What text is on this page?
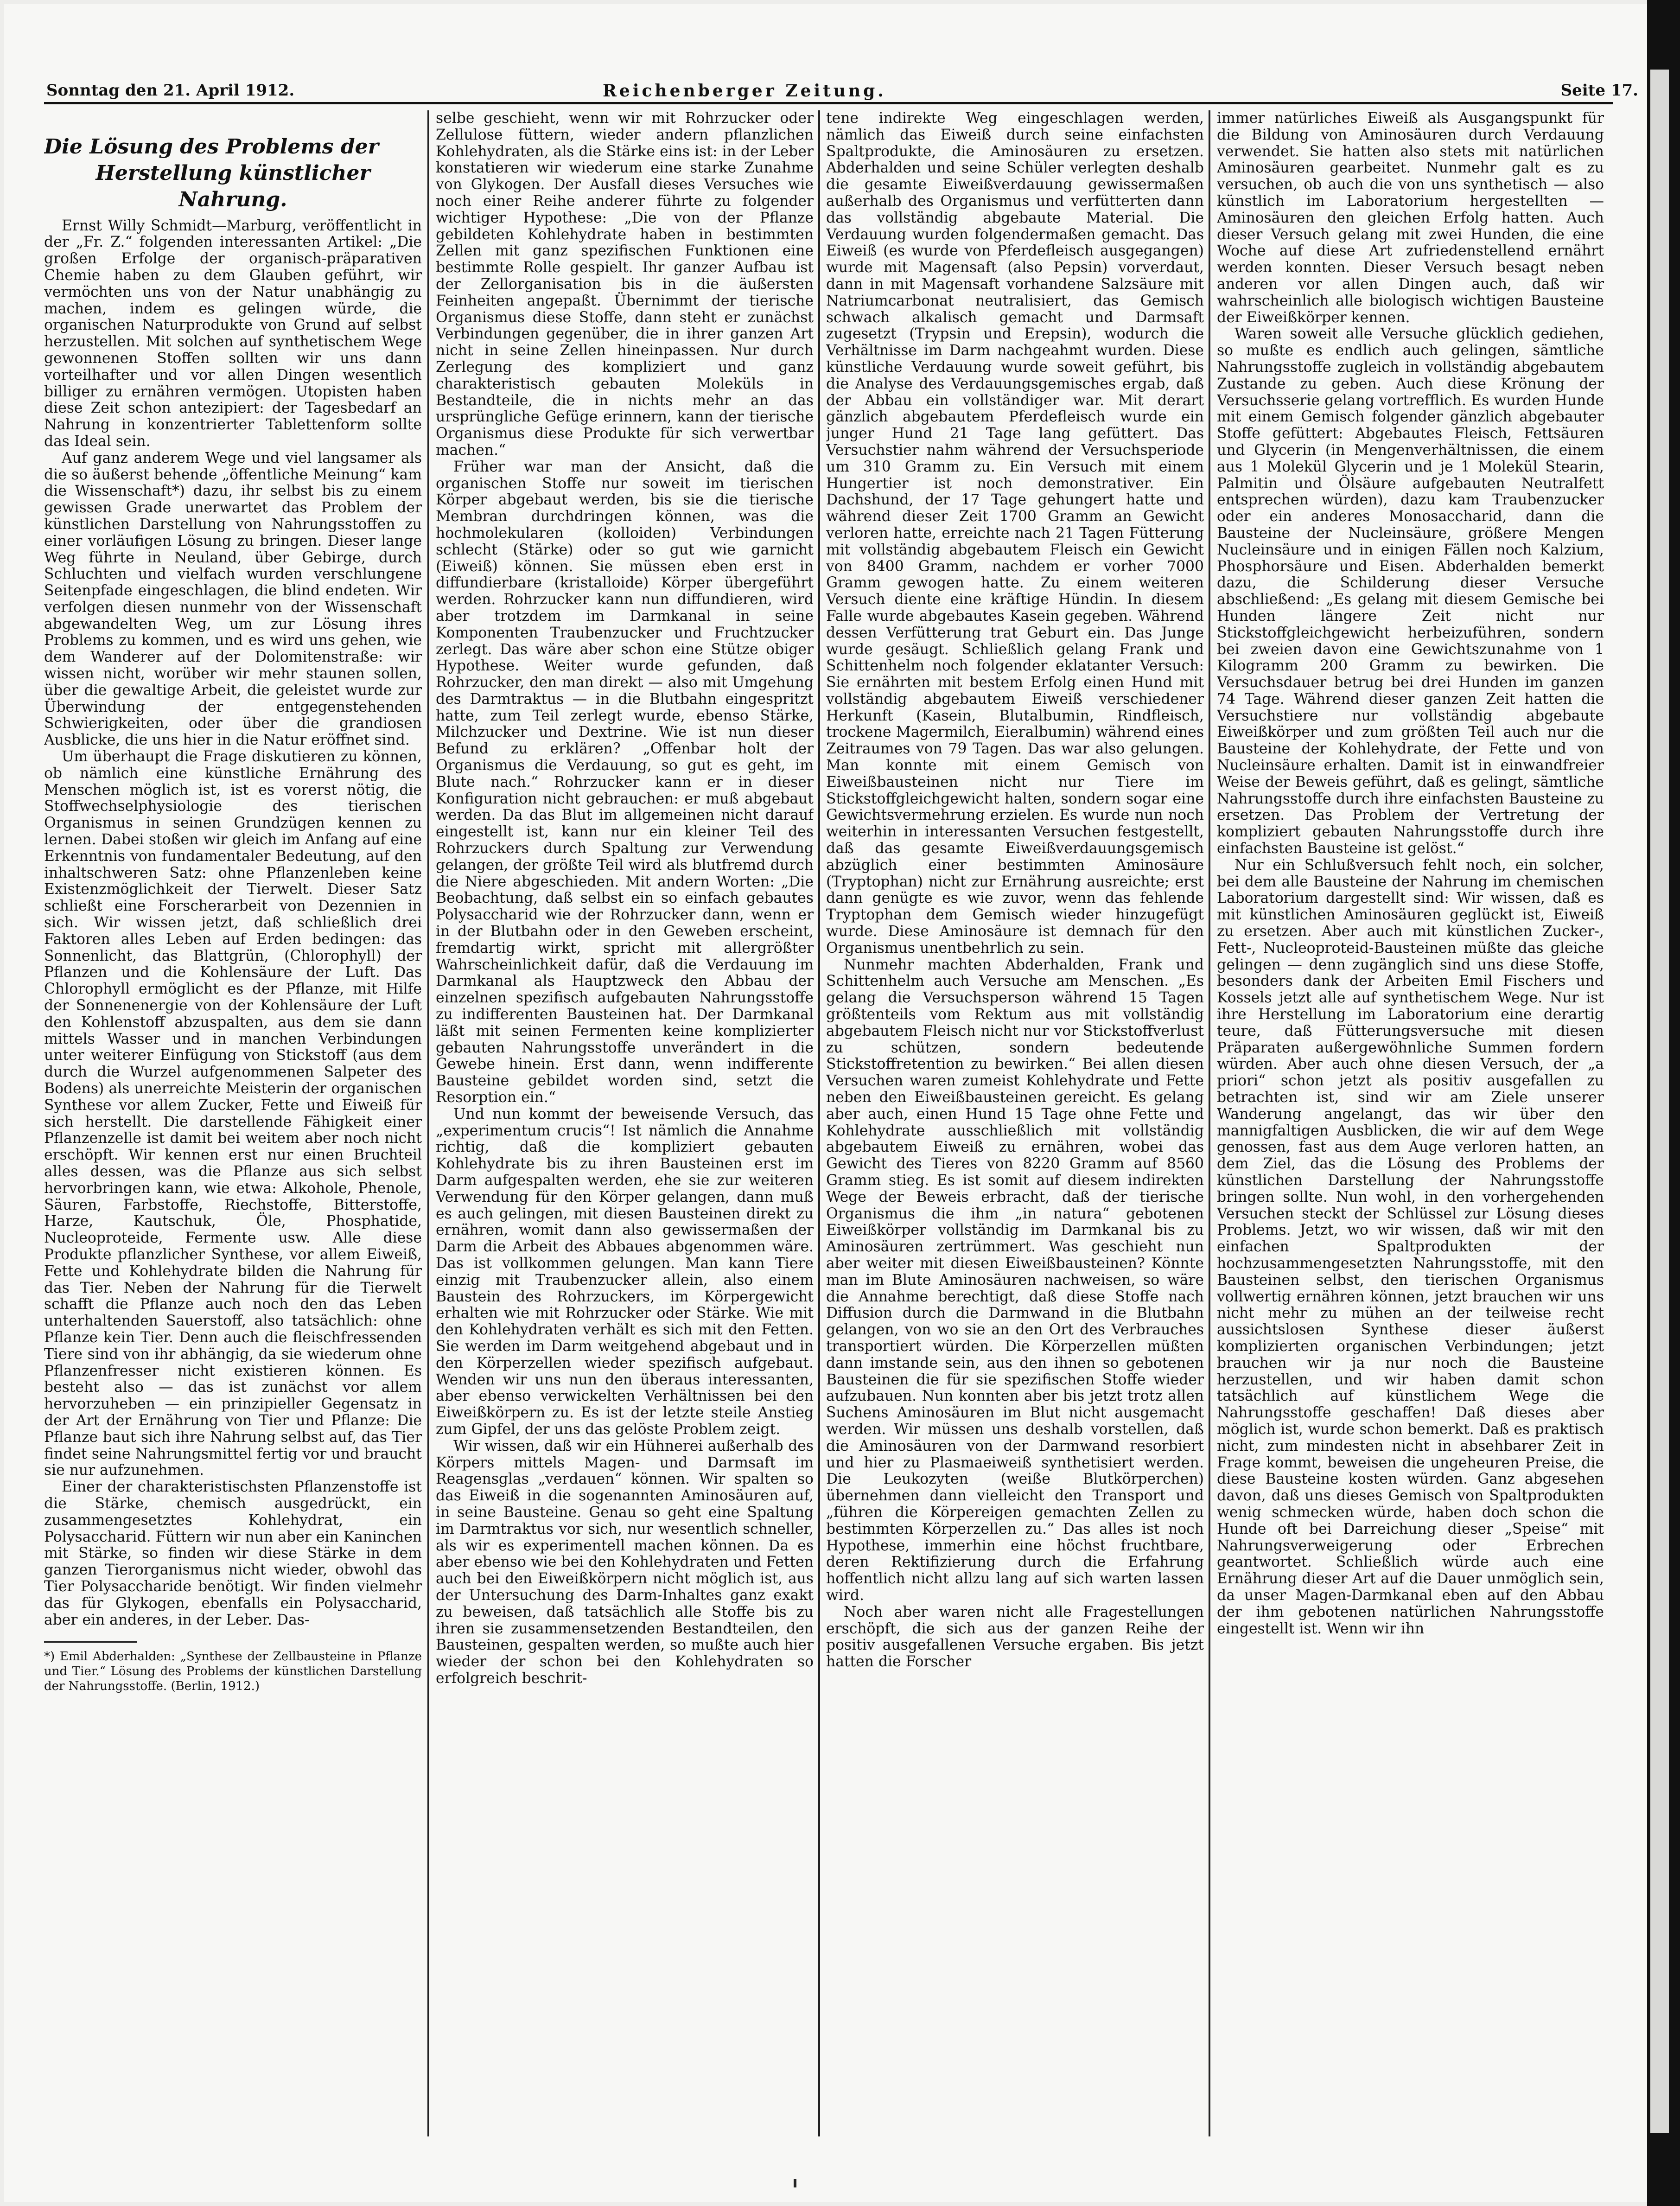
Sonntag den 21. April 1912.	Reichenberger Zeitung.	Seite 17.
Die Lösung des Problems der
Herstellung künstlicher Nahrung.

Ernst Willy Schmidt—Marburg, veröffentlicht in der „Fr. Z.“ folgenden interessanten Artikel: „Die großen Erfolge der organisch-präparativen Chemie haben zu dem Glauben geführt, wir vermöchten uns von der Natur unabhängig zu machen, indem es gelingen würde, die organischen Naturprodukte von Grund auf selbst herzustellen. Mit solchen auf synthetischem Wege gewonnenen Stoffen sollten wir uns dann vorteilhafter und vor allen Dingen wesentlich billiger zu ernähren vermögen. Utopisten haben diese Zeit schon antezipiert: der Tagesbedarf an Nahrung in konzentrierter Tablettenform sollte das Ideal sein.

Auf ganz anderem Wege und viel langsamer als die so äußerst behende „öffentliche Meinung“ kam die Wissenschaft*) dazu, ihr selbst bis zu einem gewissen Grade unerwartet das Problem der künstlichen Darstellung von Nahrungsstoffen zu einer vorläufigen Lösung zu bringen. Dieser lange Weg führte in Neuland, über Gebirge, durch Schluchten und vielfach wurden verschlungene Seitenpfade eingeschlagen, die blind endeten. Wir verfolgen diesen nunmehr von der Wissenschaft abgewandelten Weg, um zur Lösung ihres Problems zu kommen, und es wird uns gehen, wie dem Wanderer auf der Dolomitenstraße: wir wissen nicht, worüber wir mehr staunen sollen, über die gewaltige Arbeit, die geleistet wurde zur Überwindung der entgegenstehenden Schwierigkeiten, oder über die grandiosen Ausblicke, die uns hier in die Natur eröffnet sind.

Um überhaupt die Frage diskutieren zu können, ob nämlich eine künstliche Ernährung des Menschen möglich ist, ist es vorerst nötig, die Stoffwechselphysiologie des tierischen Organismus in seinen Grundzügen kennen zu lernen. Dabei stoßen wir gleich im Anfang auf eine Erkenntnis von fundamentaler Bedeutung, auf den inhaltschweren Satz: ohne Pflanzenleben keine Existenzmöglichkeit der Tierwelt. Dieser Satz schließt eine Forscherarbeit von Dezennien in sich. Wir wissen jetzt, daß schließlich drei Faktoren alles Leben auf Erden bedingen: das Sonnenlicht, das Blattgrün, (Chlorophyll) der Pflanzen und die Kohlensäure der Luft. Das Chlorophyll ermöglicht es der Pflanze, mit Hilfe der Sonnenenergie von der Kohlensäure der Luft den Kohlenstoff abzuspalten, aus dem sie dann mittels Wasser und in manchen Verbindungen unter weiterer Einfügung von Stickstoff (aus dem durch die Wurzel aufgenommenen Salpeter des Bodens) als unerreichte Meisterin der organischen Synthese vor allem Zucker, Fette und Eiweiß für sich herstellt. Die darstellende Fähigkeit einer Pflanzenzelle ist damit bei weitem aber noch nicht erschöpft. Wir kennen erst nur einen Bruchteil alles dessen, was die Pflanze aus sich selbst hervorbringen kann, wie etwa: Alkohole, Phenole, Säuren, Farbstoffe, Riechstoffe, Bitterstoffe, Harze, Kautschuk, Öle, Phosphatide, Nucleoproteide, Fermente usw. Alle diese Produkte pflanzlicher Synthese, vor allem Eiweiß, Fette und Kohlehydrate bilden die Nahrung für das Tier. Neben der Nahrung für die Tierwelt schafft die Pflanze auch noch den das Leben unterhaltenden Sauerstoff, also tatsächlich: ohne Pflanze kein Tier. Denn auch die fleischfressenden Tiere sind von ihr abhängig, da sie wiederum ohne Pflanzenfresser nicht existieren können. Es besteht also — das ist zunächst vor allem hervorzuheben — ein prinzipieller Gegensatz in der Art der Ernährung von Tier und Pflanze: Die Pflanze baut sich ihre Nahrung selbst auf, das Tier findet seine Nahrungsmittel fertig vor und braucht sie nur aufzunehmen.

Einer der charakteristischsten Pflanzenstoffe ist die Stärke, chemisch ausgedrückt, ein zusammengesetztes Kohlehydrat, ein Polysaccharid. Füttern wir nun aber ein Kaninchen mit Stärke, so finden wir diese Stärke in dem ganzen Tierorganismus nicht wieder, obwohl das Tier Polysaccharide benötigt. Wir finden vielmehr das für Glykogen, ebenfalls ein Polysaccharid, aber ein anderes, in der Leber. Das-

*) Emil Abderhalden: „Synthese der Zellbausteine in Pflanze und Tier.“ Lösung des Problems der künstlichen Darstellung der Nahrungsstoffe. (Berlin, 1912.)

selbe geschieht, wenn wir mit Rohrzucker oder Zellulose füttern, wieder andern pflanzlichen Kohlehydraten, als die Stärke eins ist: in der Leber konstatieren wir wiederum eine starke Zunahme von Glykogen. Der Ausfall dieses Versuches wie noch einer Reihe anderer führte zu folgender wichtiger Hypothese: „Die von der Pflanze gebildeten Kohlehydrate haben in bestimmten Zellen mit ganz spezifischen Funktionen eine bestimmte Rolle gespielt. Ihr ganzer Aufbau ist der Zellorganisation bis in die äußersten Feinheiten angepaßt. Übernimmt der tierische Organismus diese Stoffe, dann steht er zunächst Verbindungen gegenüber, die in ihrer ganzen Art nicht in seine Zellen hineinpassen. Nur durch Zerlegung des kompliziert und ganz charakteristisch gebauten Moleküls in Bestandteile, die in nichts mehr an das ursprüngliche Gefüge erinnern, kann der tierische Organismus diese Produkte für sich verwertbar machen.“

Früher war man der Ansicht, daß die organischen Stoffe nur soweit im tierischen Körper abgebaut werden, bis sie die tierische Membran durchdringen können, was die hochmolekularen (kolloiden) Verbindungen schlecht (Stärke) oder so gut wie garnicht (Eiweiß) können. Sie müssen eben erst in diffundierbare (kristalloide) Körper übergeführt werden. Rohrzucker kann nun diffundieren, wird aber trotzdem im Darmkanal in seine Komponenten Traubenzucker und Fruchtzucker zerlegt. Das wäre aber schon eine Stütze obiger Hypothese. Weiter wurde gefunden, daß Rohrzucker, den man direkt — also mit Umgehung des Darmtraktus — in die Blutbahn eingespritzt hatte, zum Teil zerlegt wurde, ebenso Stärke, Milchzucker und Dextrine. Wie ist nun dieser Befund zu erklären? „Offenbar holt der Organismus die Verdauung, so gut es geht, im Blute nach.“ Rohrzucker kann er in dieser Konfiguration nicht gebrauchen: er muß abgebaut werden. Da das Blut im allgemeinen nicht darauf eingestellt ist, kann nur ein kleiner Teil des Rohrzuckers durch Spaltung zur Verwendung gelangen, der größte Teil wird als blutfremd durch die Niere abgeschieden. Mit andern Worten: „Die Beobachtung, daß selbst ein so einfach gebautes Polysaccharid wie der Rohrzucker dann, wenn er in der Blutbahn oder in den Geweben erscheint, fremdartig wirkt, spricht mit allergrößter Wahrscheinlichkeit dafür, daß die Verdauung im Darmkanal als Hauptzweck den Abbau der einzelnen spezifisch aufgebauten Nahrungsstoffe zu indifferenten Bausteinen hat. Der Darmkanal läßt mit seinen Fermenten keine komplizierter gebauten Nahrungsstoffe unverändert in die Gewebe hinein. Erst dann, wenn indifferente Bausteine gebildet worden sind, setzt die Resorption ein.“

Und nun kommt der beweisende Versuch, das „experimentum crucis“! Ist nämlich die Annahme richtig, daß die kompliziert gebauten Kohlehydrate bis zu ihren Bausteinen erst im Darm aufgespalten werden, ehe sie zur weiteren Verwendung für den Körper gelangen, dann muß es auch gelingen, mit diesen Bausteinen direkt zu ernähren, womit dann also gewissermaßen der Darm die Arbeit des Abbaues abgenommen wäre. Das ist vollkommen gelungen. Man kann Tiere einzig mit Traubenzucker allein, also einem Baustein des Rohrzuckers, im Körpergewicht erhalten wie mit Rohrzucker oder Stärke. Wie mit den Kohlehydraten verhält es sich mit den Fetten. Sie werden im Darm weitgehend abgebaut und in den Körperzellen wieder spezifisch aufgebaut. Wenden wir uns nun den überaus interessanten, aber ebenso verwickelten Verhältnissen bei den Eiweißkörpern zu. Es ist der letzte steile Anstieg zum Gipfel, der uns das gelöste Problem zeigt.

Wir wissen, daß wir ein Hühnerei außerhalb des Körpers mittels Magen- und Darmsaft im Reagensglas „verdauen“ können. Wir spalten so das Eiweiß in die sogenannten Aminosäuren auf, in seine Bausteine. Genau so geht eine Spaltung im Darmtraktus vor sich, nur wesentlich schneller, als wir es experimentell machen können. Da es aber ebenso wie bei den Kohlehydraten und Fetten auch bei den Eiweißkörpern nicht möglich ist, aus der Untersuchung des Darm-Inhaltes ganz exakt zu beweisen, daß tatsächlich alle Stoffe bis zu ihren sie zusammensetzenden Bestandteilen, den Bausteinen, gespalten werden, so mußte auch hier wieder der schon bei den Kohlehydraten so erfolgreich beschrit-

tene indirekte Weg eingeschlagen werden, nämlich das Eiweiß durch seine einfachsten Spaltprodukte, die Aminosäuren zu ersetzen. Abderhalden und seine Schüler verlegten deshalb die gesamte Eiweißverdauung gewissermaßen außerhalb des Organismus und verfütterten dann das vollständig abgebaute Material. Die Verdauung wurden folgendermaßen gemacht. Das Eiweiß (es wurde von Pferdefleisch ausgegangen) wurde mit Magensaft (also Pepsin) vorverdaut, dann in mit Magensaft vorhandene Salzsäure mit Natriumcarbonat neutralisiert, das Gemisch schwach alkalisch gemacht und Darmsaft zugesetzt (Trypsin und Erepsin), wodurch die Verhältnisse im Darm nachgeahmt wurden. Diese künstliche Verdauung wurde soweit geführt, bis die Analyse des Verdauungsgemisches ergab, daß der Abbau ein vollständiger war. Mit derart gänzlich abgebautem Pferdefleisch wurde ein junger Hund 21 Tage lang gefüttert. Das Versuchstier nahm während der Versuchsperiode um 310 Gramm zu. Ein Versuch mit einem Hungertier ist noch demonstrativer. Ein Dachshund, der 17 Tage gehungert hatte und während dieser Zeit 1700 Gramm an Gewicht verloren hatte, erreichte nach 21 Tagen Fütterung mit vollständig abgebautem Fleisch ein Gewicht von 8400 Gramm, nachdem er vorher 7000 Gramm gewogen hatte. Zu einem weiteren Versuch diente eine kräftige Hündin. In diesem Falle wurde abgebautes Kasein gegeben. Während dessen Verfütterung trat Geburt ein. Das Junge wurde gesäugt. Schließlich gelang Frank und Schittenhelm noch folgender eklatanter Versuch: Sie ernährten mit bestem Erfolg einen Hund mit vollständig abgebautem Eiweiß verschiedener Herkunft (Kasein, Blutalbumin, Rindfleisch, trockene Magermilch, Eieralbumin) während eines Zeitraumes von 79 Tagen. Das war also gelungen. Man konnte mit einem Gemisch von Eiweißbausteinen nicht nur Tiere im Stickstoffgleichgewicht halten, sondern sogar eine Gewichtsvermehrung erzielen. Es wurde nun noch weiterhin in interessanten Versuchen festgestellt, daß das gesamte Eiweißverdauungsgemisch abzüglich einer bestimmten Aminosäure (Tryptophan) nicht zur Ernährung ausreichte; erst dann genügte es wie zuvor, wenn das fehlende Tryptophan dem Gemisch wieder hinzugefügt wurde. Diese Aminosäure ist demnach für den Organismus unentbehrlich zu sein.

Nunmehr machten Abderhalden, Frank und Schittenhelm auch Versuche am Menschen. „Es gelang die Versuchsperson während 15 Tagen größtenteils vom Rektum aus mit vollständig abgebautem Fleisch nicht nur vor Stickstoffverlust zu schützen, sondern bedeutende Stickstoffretention zu bewirken.“ Bei allen diesen Versuchen waren zumeist Kohlehydrate und Fette neben den Eiweißbausteinen gereicht. Es gelang aber auch, einen Hund 15 Tage ohne Fette und Kohlehydrate ausschließlich mit vollständig abgebautem Eiweiß zu ernähren, wobei das Gewicht des Tieres von 8220 Gramm auf 8560 Gramm stieg. Es ist somit auf diesem indirekten Wege der Beweis erbracht, daß der tierische Organismus die ihm „in natura“ gebotenen Eiweißkörper vollständig im Darmkanal bis zu Aminosäuren zertrümmert. Was geschieht nun aber weiter mit diesen Eiweißbausteinen? Könnte man im Blute Aminosäuren nachweisen, so wäre die Annahme berechtigt, daß diese Stoffe nach Diffusion durch die Darmwand in die Blutbahn gelangen, von wo sie an den Ort des Verbrauches transportiert würden. Die Körperzellen müßten dann imstande sein, aus den ihnen so gebotenen Bausteinen die für sie spezifischen Stoffe wieder aufzubauen. Nun konnten aber bis jetzt trotz allen Suchens Aminosäuren im Blut nicht ausgemacht werden. Wir müssen uns deshalb vorstellen, daß die Aminosäuren von der Darmwand resorbiert und hier zu Plasmaeiweiß synthetisiert werden. Die Leukozyten (weiße Blutkörperchen) übernehmen dann vielleicht den Transport und „führen die Körpereigen gemachten Zellen zu bestimmten Körperzellen zu.“ Das alles ist noch Hypothese, immerhin eine höchst fruchtbare, deren Rektifizierung durch die Erfahrung hoffentlich nicht allzu lang auf sich warten lassen wird.

Noch aber waren nicht alle Fragestellungen erschöpft, die sich aus der ganzen Reihe der positiv ausgefallenen Versuche ergaben. Bis jetzt hatten die Forscher

immer natürliches Eiweiß als Ausgangspunkt für die Bildung von Aminosäuren durch Verdauung verwendet. Sie hatten also stets mit natürlichen Aminosäuren gearbeitet. Nunmehr galt es zu versuchen, ob auch die von uns synthetisch — also künstlich im Laboratorium hergestellten — Aminosäuren den gleichen Erfolg hatten. Auch dieser Versuch gelang mit zwei Hunden, die eine Woche auf diese Art zufriedenstellend ernährt werden konnten. Dieser Versuch besagt neben anderen vor allen Dingen auch, daß wir wahrscheinlich alle biologisch wichtigen Bausteine der Eiweißkörper kennen.

Waren soweit alle Versuche glücklich gediehen, so mußte es endlich auch gelingen, sämtliche Nahrungsstoffe zugleich in vollständig abgebautem Zustande zu geben. Auch diese Krönung der Versuchsserie gelang vortrefflich. Es wurden Hunde mit einem Gemisch folgender gänzlich abgebauter Stoffe gefüttert: Abgebautes Fleisch, Fettsäuren und Glycerin (in Mengenverhältnissen, die einem aus 1 Molekül Glycerin und je 1 Molekül Stearin, Palmitin und Ölsäure aufgebauten Neutralfett entsprechen würden), dazu kam Traubenzucker oder ein anderes Monosaccharid, dann die Bausteine der Nucleinsäure, größere Mengen Nucleinsäure und in einigen Fällen noch Kalzium, Phosphorsäure und Eisen. Abderhalden bemerkt dazu, die Schilderung dieser Versuche abschließend: „Es gelang mit diesem Gemische bei Hunden längere Zeit nicht nur Stickstoffgleichgewicht herbeizuführen, sondern bei zweien davon eine Gewichtszunahme von 1 Kilogramm 200 Gramm zu bewirken. Die Versuchsdauer betrug bei drei Hunden im ganzen 74 Tage. Während dieser ganzen Zeit hatten die Versuchstiere nur vollständig abgebaute Eiweißkörper und zum größten Teil auch nur die Bausteine der Kohlehydrate, der Fette und von Nucleinsäure erhalten. Damit ist in einwandfreier Weise der Beweis geführt, daß es gelingt, sämtliche Nahrungsstoffe durch ihre einfachsten Bausteine zu ersetzen. Das Problem der Vertretung der kompliziert gebauten Nahrungsstoffe durch ihre einfachsten Bausteine ist gelöst.“

Nur ein Schlußversuch fehlt noch, ein solcher, bei dem alle Bausteine der Nahrung im chemischen Laboratorium dargestellt sind: Wir wissen, daß es mit künstlichen Aminosäuren geglückt ist, Eiweiß zu ersetzen. Aber auch mit künstlichen Zucker-, Fett-, Nucleoproteid-Bausteinen müßte das gleiche gelingen — denn zugänglich sind uns diese Stoffe, besonders dank der Arbeiten Emil Fischers und Kossels jetzt alle auf synthetischem Wege. Nur ist ihre Herstellung im Laboratorium eine derartig teure, daß Fütterungsversuche mit diesen Präparaten außergewöhnliche Summen fordern würden. Aber auch ohne diesen Versuch, der „a priori“ schon jetzt als positiv ausgefallen zu betrachten ist, sind wir am Ziele unserer Wanderung angelangt, das wir über den mannigfaltigen Ausblicken, die wir auf dem Wege genossen, fast aus dem Auge verloren hatten, an dem Ziel, das die Lösung des Problems der künstlichen Darstellung der Nahrungsstoffe bringen sollte. Nun wohl, in den vorhergehenden Versuchen steckt der Schlüssel zur Lösung dieses Problems. Jetzt, wo wir wissen, daß wir mit den einfachen Spaltprodukten der hochzusammengesetzten Nahrungsstoffe, mit den Bausteinen selbst, den tierischen Organismus vollwertig ernähren können, jetzt brauchen wir uns nicht mehr zu mühen an der teilweise recht aussichtslosen Synthese dieser äußerst komplizierten organischen Verbindungen; jetzt brauchen wir ja nur noch die Bausteine herzustellen, und wir haben damit schon tatsächlich auf künstlichem Wege die Nahrungsstoffe geschaffen! Daß dieses aber möglich ist, wurde schon bemerkt. Daß es praktisch nicht, zum mindesten nicht in absehbarer Zeit in Frage kommt, beweisen die ungeheuren Preise, die diese Bausteine kosten würden. Ganz abgesehen davon, daß uns dieses Gemisch von Spaltprodukten wenig schmecken würde, haben doch schon die Hunde oft bei Darreichung dieser „Speise“ mit Nahrungsverweigerung oder Erbrechen geantwortet. Schließlich würde auch eine Ernährung dieser Art auf die Dauer unmöglich sein, da unser Magen-Darmkanal eben auf den Abbau der ihm gebotenen natürlichen Nahrungsstoffe eingestellt ist. Wenn wir ihn
